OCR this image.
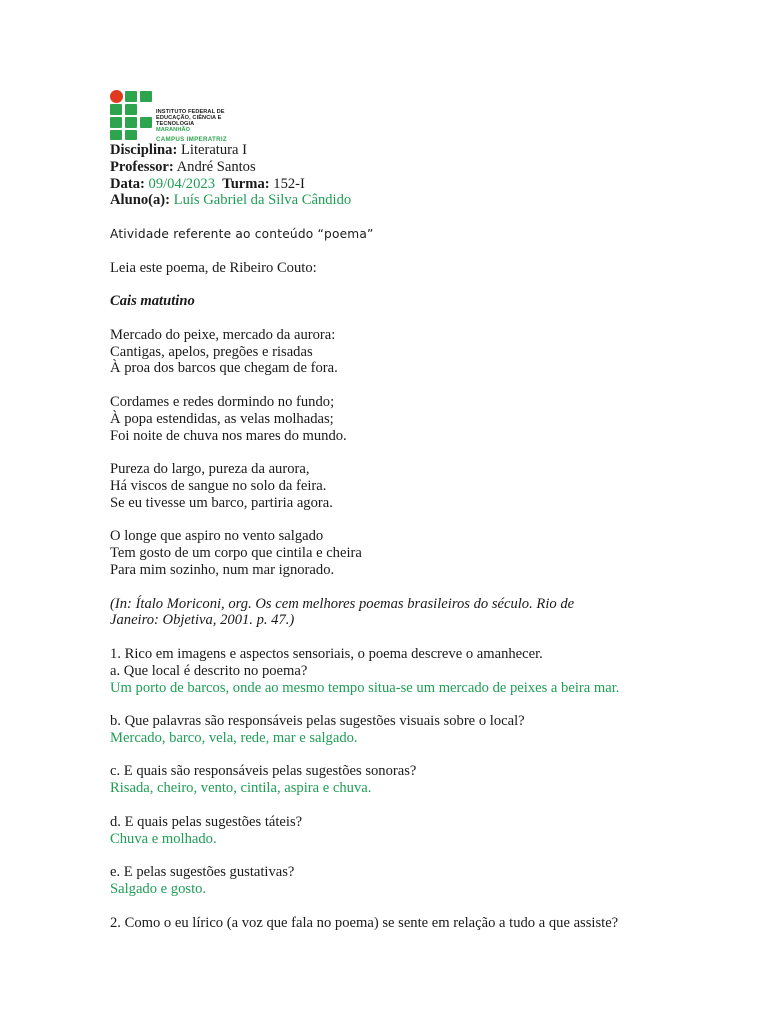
INSTITUTO FEDERAL DE
EDUCAÇÃO, CIÊNCIA E TECNOLOGIA
MARANHÃO
CAMPUS IMPERATRIZ

Disciplina: Literatura I

Professor: André Santos

Data: 09/04/2023 Turma: 152-I

Aluno(a): Luís Gabriel da Silva Cândido

Atividade referente ao conteúdo “poema”

Leia este poema, de Ribeiro Couto:

Cais matutino

Mercado do peixe, mercado da aurora:

Cantigas, apelos, pregões e risadas

À proa dos barcos que chegam de fora.

Cordames e redes dormindo no fundo;

À popa estendidas, as velas molhadas;

Foi noite de chuva nos mares do mundo.

Pureza do largo, pureza da aurora,

Há viscos de sangue no solo da feira.

Se eu tivesse um barco, partiria agora.

O longe que aspiro no vento salgado

Tem gosto de um corpo que cintila e cheira

Para mim sozinho, num mar ignorado.

(In: Ítalo Moriconi, org. Os cem melhores poemas brasileiros do século. Rio de

Janeiro: Objetiva, 2001. p. 47.)

1. Rico em imagens e aspectos sensoriais, o poema descreve o amanhecer.

a. Que local é descrito no poema?

Um porto de barcos, onde ao mesmo tempo situa-se um mercado de peixes a beira mar.

b. Que palavras são responsáveis pelas sugestões visuais sobre o local?

Mercado, barco, vela, rede, mar e salgado.

c. E quais são responsáveis pelas sugestões sonoras?

Risada, cheiro, vento, cintila, aspira e chuva.

d. E quais pelas sugestões táteis?

Chuva e molhado.

e. E pelas sugestões gustativas?

Salgado e gosto.

2. Como o eu lírico (a voz que fala no poema) se sente em relação a tudo a que assiste?
